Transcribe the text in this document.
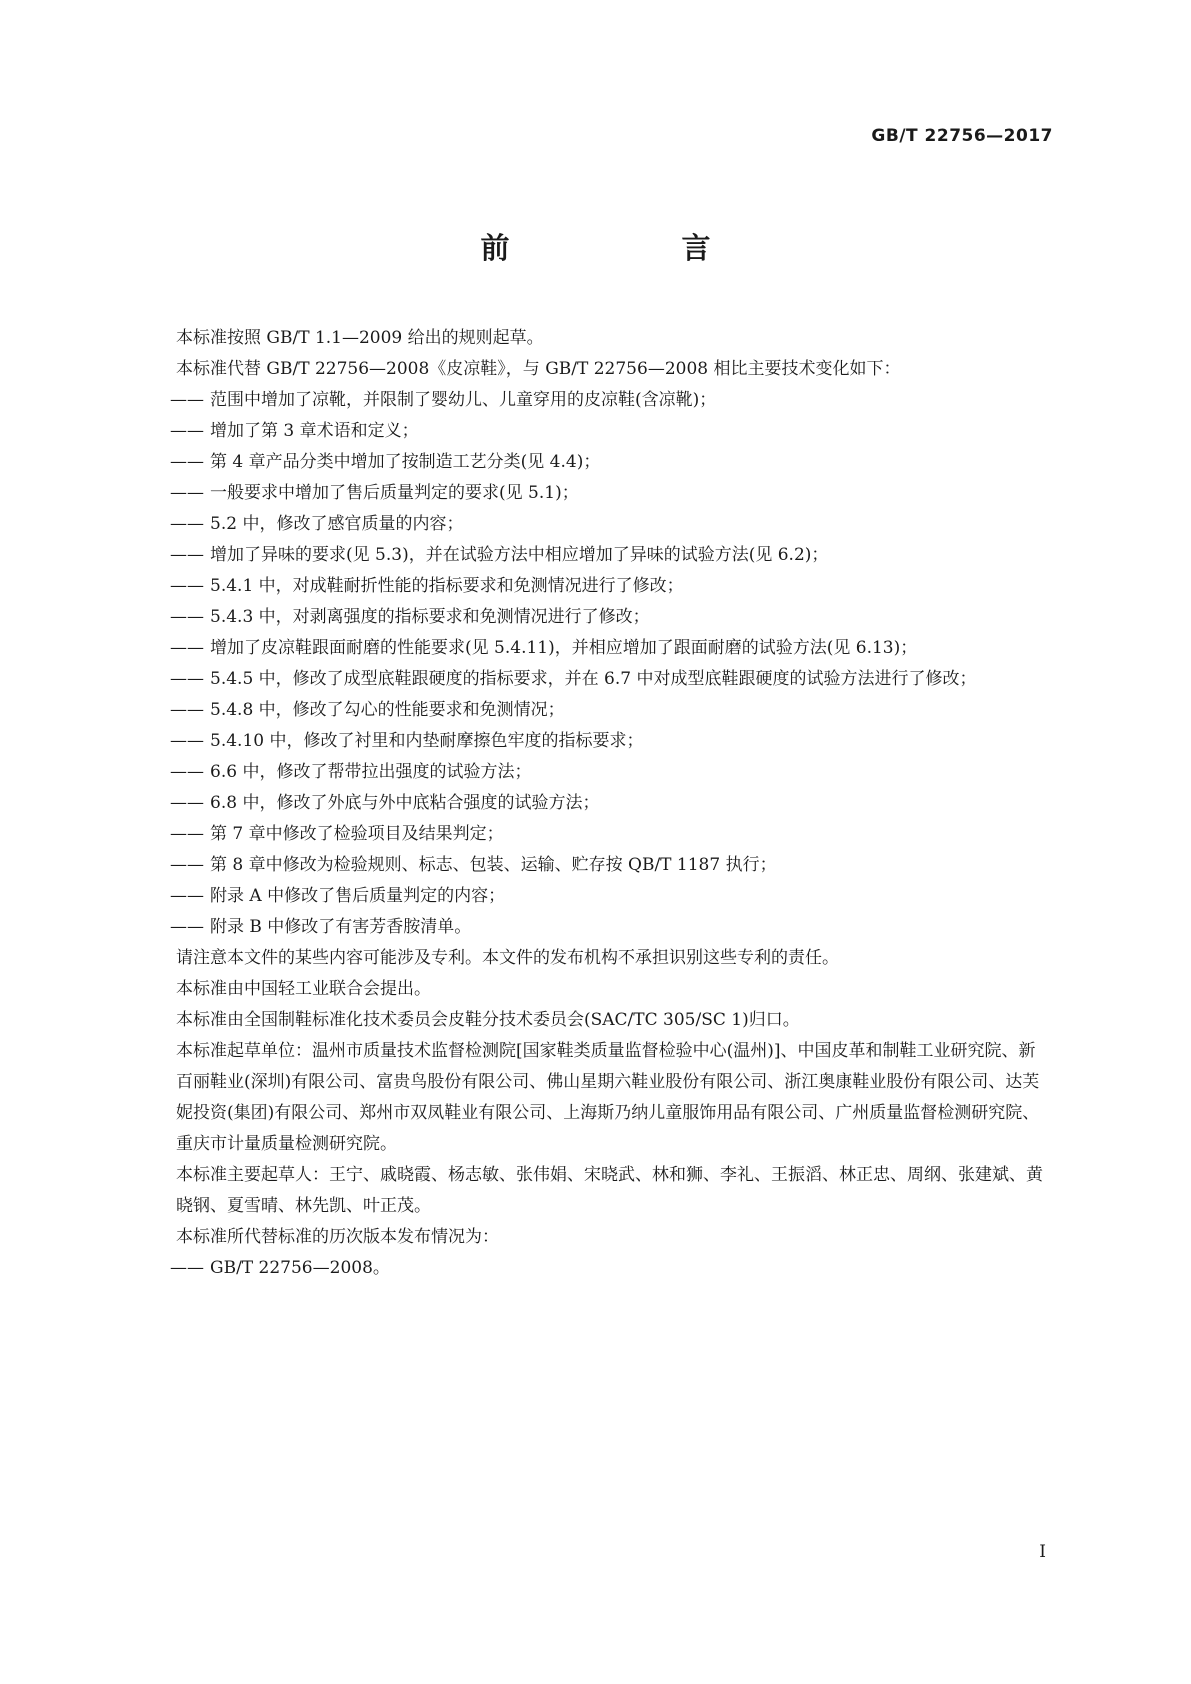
GB/T 22756—2017
前　　言

本标准按照 GB/T 1.1—2009 给出的规则起草。

本标准代替 GB/T 22756—2008《皮凉鞋》，与 GB/T 22756—2008 相比主要技术变化如下：

—— 范围中增加了凉靴，并限制了婴幼儿、儿童穿用的皮凉鞋(含凉靴)；
—— 增加了第 3 章术语和定义；
—— 第 4 章产品分类中增加了按制造工艺分类(见 4.4)；
—— 一般要求中增加了售后质量判定的要求(见 5.1)；
—— 5.2 中，修改了感官质量的内容；
—— 增加了异味的要求(见 5.3)，并在试验方法中相应增加了异味的试验方法(见 6.2)；
—— 5.4.1 中，对成鞋耐折性能的指标要求和免测情况进行了修改；
—— 5.4.3 中，对剥离强度的指标要求和免测情况进行了修改；
—— 增加了皮凉鞋跟面耐磨的性能要求(见 5.4.11)，并相应增加了跟面耐磨的试验方法(见 6.13)；
—— 5.4.5 中，修改了成型底鞋跟硬度的指标要求，并在 6.7 中对成型底鞋跟硬度的试验方法进行了修改；
—— 5.4.8 中，修改了勾心的性能要求和免测情况；
—— 5.4.10 中，修改了衬里和内垫耐摩擦色牢度的指标要求；
—— 6.6 中，修改了帮带拉出强度的试验方法；
—— 6.8 中，修改了外底与外中底粘合强度的试验方法；
—— 第 7 章中修改了检验项目及结果判定；
—— 第 8 章中修改为检验规则、标志、包装、运输、贮存按 QB/T 1187 执行；
—— 附录 A 中修改了售后质量判定的内容；
—— 附录 B 中修改了有害芳香胺清单。

请注意本文件的某些内容可能涉及专利。本文件的发布机构不承担识别这些专利的责任。

本标准由中国轻工业联合会提出。

本标准由全国制鞋标准化技术委员会皮鞋分技术委员会(SAC/TC 305/SC 1)归口。

本标准起草单位：温州市质量技术监督检测院[国家鞋类质量监督检验中心(温州)]、中国皮革和制鞋工业研究院、新百丽鞋业(深圳)有限公司、富贵鸟股份有限公司、佛山星期六鞋业股份有限公司、浙江奥康鞋业股份有限公司、达芙妮投资(集团)有限公司、郑州市双凤鞋业有限公司、上海斯乃纳儿童服饰用品有限公司、广州质量监督检测研究院、重庆市计量质量检测研究院。

本标准主要起草人：王宁、戚晓霞、杨志敏、张伟娟、宋晓武、林和狮、李礼、王振滔、林正忠、周纲、张建斌、黄晓钢、夏雪晴、林先凯、叶正茂。

本标准所代替标准的历次版本发布情况为：

—— GB/T 22756—2008。
I
